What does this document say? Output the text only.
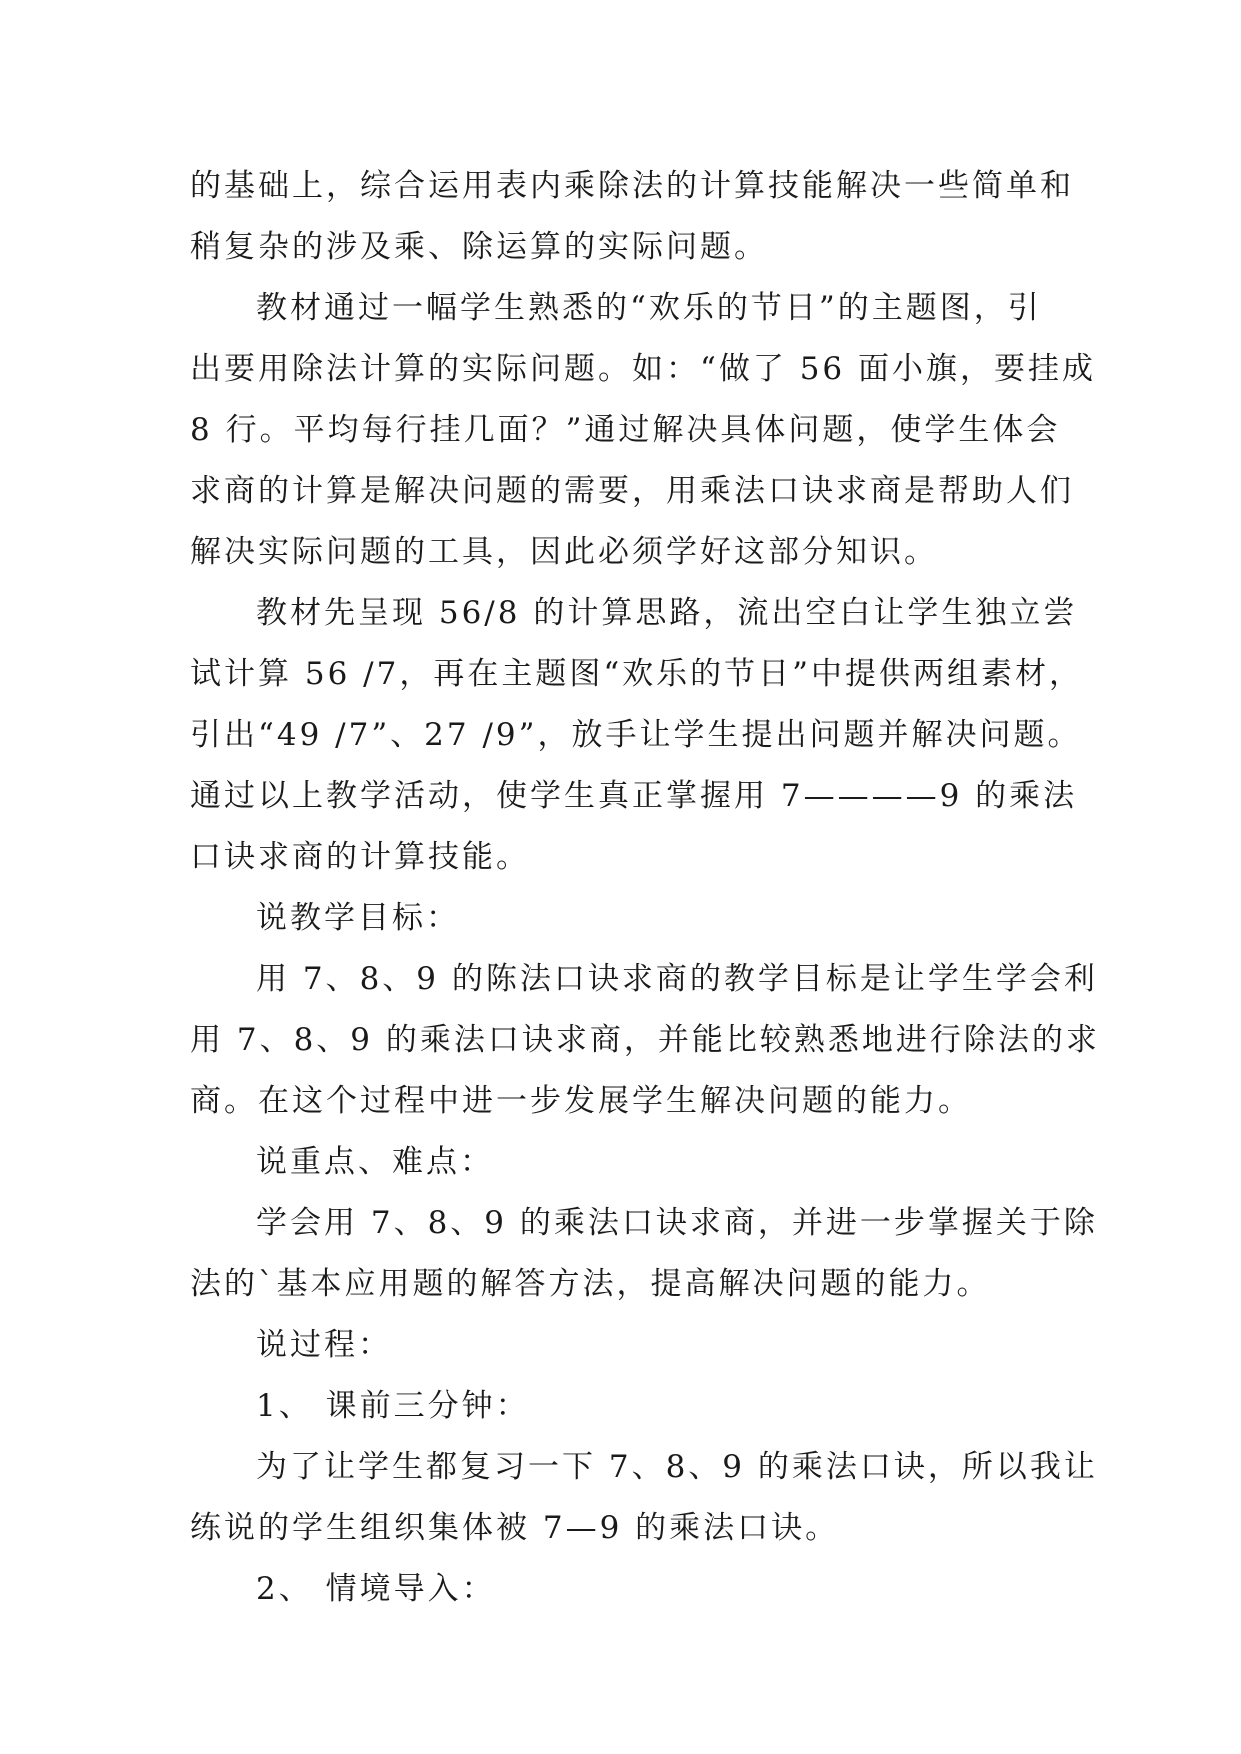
的基础上，综合运用表内乘除法的计算技能解决一些简单和
稍复杂的涉及乘、除运算的实际问题。
教材通过一幅学生熟悉的“欢乐的节日”的主题图，引
出要用除法计算的实际问题。如：“做了 56 面小旗，要挂成
8 行。平均每行挂几面？”通过解决具体问题，使学生体会
求商的计算是解决问题的需要，用乘法口诀求商是帮助人们
解决实际问题的工具，因此必须学好这部分知识。
教材先呈现 56/8 的计算思路，流出空白让学生独立尝
试计算 56 /7，再在主题图“欢乐的节日”中提供两组素材，
引出“49 /7”、27 /9”，放手让学生提出问题并解决问题。
通过以上教学活动，使学生真正掌握用 7————9 的乘法
口诀求商的计算技能。
说教学目标：
用 7、8、9 的陈法口诀求商的教学目标是让学生学会利
用 7、8、9 的乘法口诀求商，并能比较熟悉地进行除法的求
商。在这个过程中进一步发展学生解决问题的能力。
说重点、难点：
学会用 7、8、9 的乘法口诀求商，并进一步掌握关于除
法的`基本应用题的解答方法，提高解决问题的能力。
说过程：
1、 课前三分钟：
为了让学生都复习一下 7、8、9 的乘法口诀，所以我让
练说的学生组织集体被 7—9 的乘法口诀。
2、 情境导入：
